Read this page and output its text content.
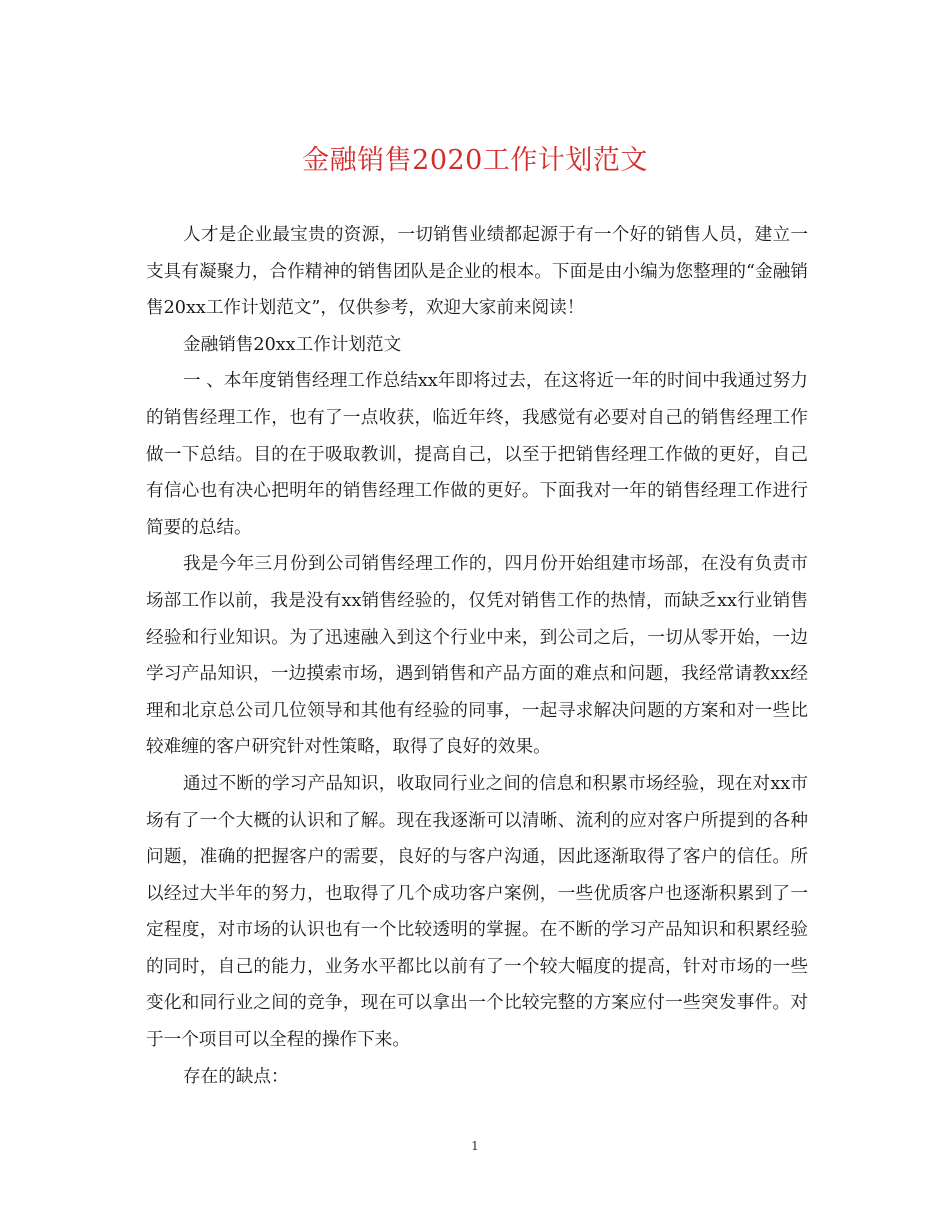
金融销售2020工作计划范文

人才是企业最宝贵的资源，一切销售业绩都起源于有一个好的销售人员，建立一支具有凝聚力，合作精神的销售团队是企业的根本。下面是由小编为您整理的“金融销售20xx工作计划范文”，仅供参考，欢迎大家前来阅读！

金融销售20xx工作计划范文

一 、本年度销售经理工作总结xx年即将过去，在这将近一年的时间中我通过努力的销售经理工作，也有了一点收获，临近年终，我感觉有必要对自己的销售经理工作做一下总结。目的在于吸取教训，提高自己，以至于把销售经理工作做的更好，自己有信心也有决心把明年的销售经理工作做的更好。下面我对一年的销售经理工作进行简要的总结。

我是今年三月份到公司销售经理工作的，四月份开始组建市场部，在没有负责市场部工作以前，我是没有xx销售经验的，仅凭对销售工作的热情，而缺乏xx行业销售经验和行业知识。为了迅速融入到这个行业中来，到公司之后，一切从零开始，一边学习产品知识，一边摸索市场，遇到销售和产品方面的难点和问题，我经常请教xx经理和北京总公司几位领导和其他有经验的同事，一起寻求解决问题的方案和对一些比较难缠的客户研究针对性策略，取得了良好的效果。

通过不断的学习产品知识，收取同行业之间的信息和积累市场经验，现在对xx市场有了一个大概的认识和了解。现在我逐渐可以清晰、流利的应对客户所提到的各种问题，准确的把握客户的需要，良好的与客户沟通，因此逐渐取得了客户的信任。所以经过大半年的努力，也取得了几个成功客户案例，一些优质客户也逐渐积累到了一定程度，对市场的认识也有一个比较透明的掌握。在不断的学习产品知识和积累经验的同时，自己的能力，业务水平都比以前有了一个较大幅度的提高，针对市场的一些变化和同行业之间的竞争，现在可以拿出一个比较完整的方案应付一些突发事件。对于一个项目可以全程的操作下来。

存在的缺点：

1
